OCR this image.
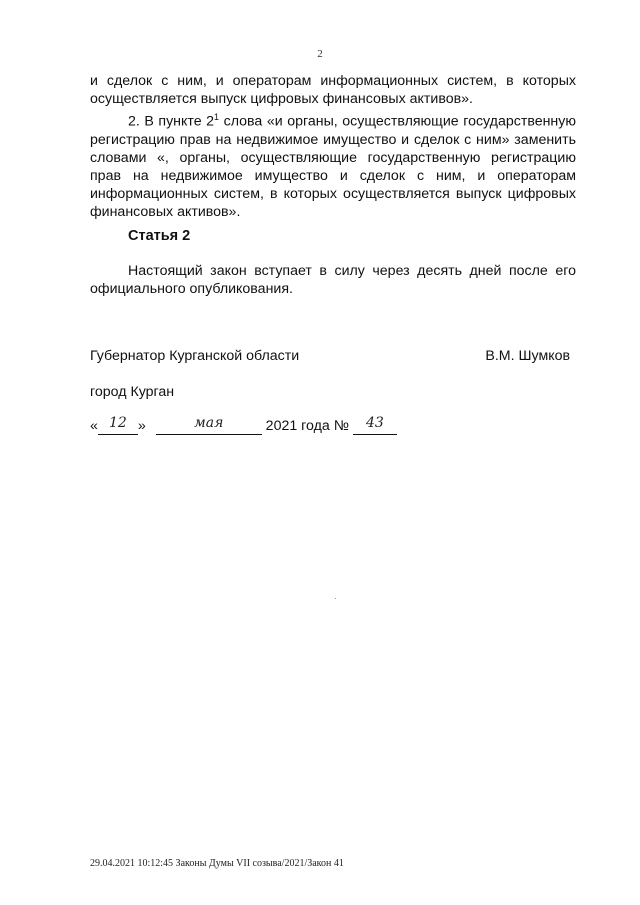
2

и сделок с ним, и операторам информационных систем, в которых осуществляется выпуск цифровых финансовых активов».

2. В пункте $2^1$ слова «и органы, осуществляющие государственную регистрацию прав на недвижимое имущество и сделок с ним» заменить словами «, органы, осуществляющие государственную регистрацию прав на недвижимое имущество и сделок с ним, и операторам информационных систем, в которых осуществляется выпуск цифровых финансовых активов».

Статья 2

Настоящий закон вступает в силу через десять дней после его официального опубликования.

Губернатор Курганской области	В.М. Шумков
город Курган
« 12 »	мая	2021 года № 43
29.04.2021 10:12:45 Законы Думы VII созыва/2021/Закон 41
